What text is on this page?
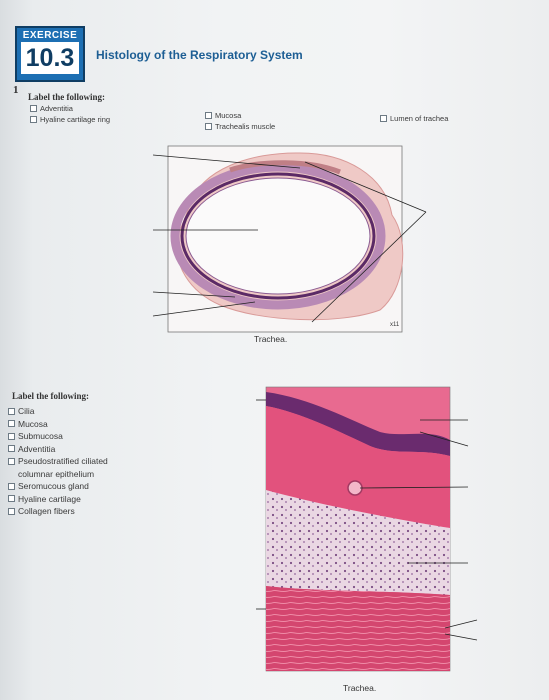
EXERCISE
10.3	Histology of the Respiratory System
1
Label the following:
Adventitia
Hyaline cartilage ring	Mucosa
Trachealis muscle
Lumen of trachea
x11
Trachea.
Label the following:
Cilia
Mucosa
Submucosa
Adventitia
Pseudostratified ciliated
columnar epithelium
Seromucous gland
Hyaline cartilage
Collagen fibers
Trachea.
